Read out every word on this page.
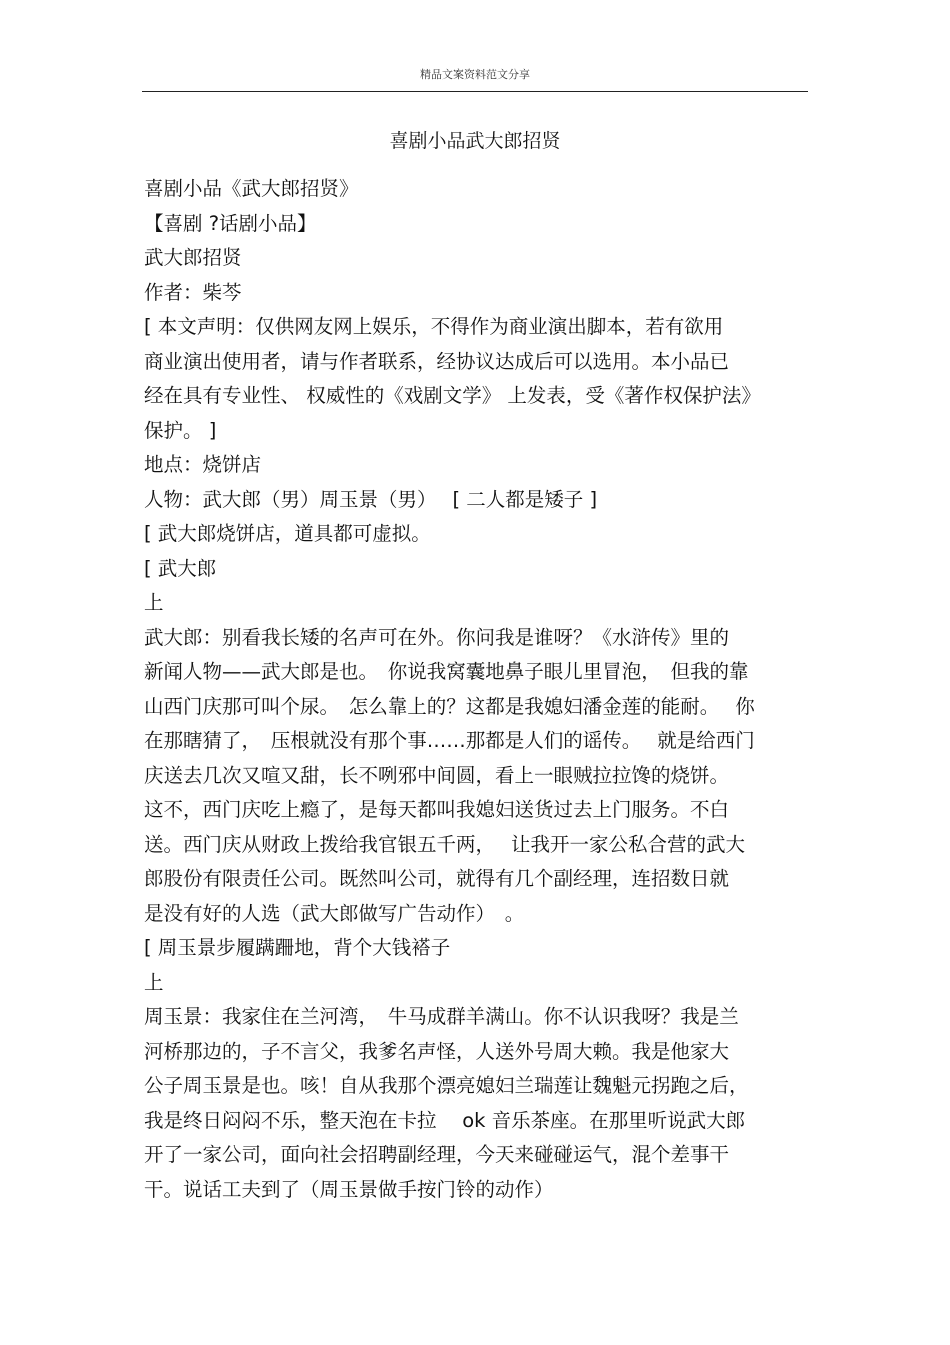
精品文案资料范文分享
喜剧小品武大郎招贤

喜剧小品《武大郎招贤》

【喜剧 ?话剧小品】

武大郎招贤

作者：柴芩

[ 本文声明：仅供网友网上娱乐，不得作为商业演出脚本，若有欲用

商业演出使用者，请与作者联系，经协议达成后可以选用。本小品已

经在具有专业性、 权威性的《戏剧文学》 上发表，受《著作权保护法》

保护。 ]

地点：烧饼店

人物：武大郎（男）周玉景（男）　 [ 二人都是矮子 ]

[ 武大郎烧饼店，道具都可虚拟。

[ 武大郎

上

武大郎：别看我长矮的名声可在外。你问我是谁呀？《水浒传》里的

新闻人物——武大郎是也。　你说我窝囊地鼻子眼儿里冒泡，　但我的靠

山西门庆那可叫个尿。　怎么靠上的？这都是我媳妇潘金莲的能耐。　 你

在那瞎猜了，　压根就没有那个事……那都是人们的谣传。　 就是给西门

庆送去几次又喧又甜，长不咧邪中间圆，看上一眼贼拉拉馋的烧饼。

这不，西门庆吃上瘾了，是每天都叫我媳妇送货过去上门服务。不白

送。西门庆从财政上拨给我官银五千两，　 让我开一家公私合营的武大

郎股份有限责任公司。既然叫公司，就得有几个副经理，连招数日就

是没有好的人选（武大郎做写广告动作）　。

[ 周玉景步履蹒跚地，背个大钱褡子

上

周玉景：我家住在兰河湾，　牛马成群羊满山。你不认识我呀？我是兰

河桥那边的，子不言父，我爹名声怪，人送外号周大赖。我是他家大

公子周玉景是也。咳！自从我那个漂亮媳妇兰瑞莲让魏魁元拐跑之后，

我是终日闷闷不乐，整天泡在卡拉　 ok 音乐茶座。在那里听说武大郎

开了一家公司，面向社会招聘副经理，今天来碰碰运气，混个差事干

干。说话工夫到了（周玉景做手按门铃的动作）
